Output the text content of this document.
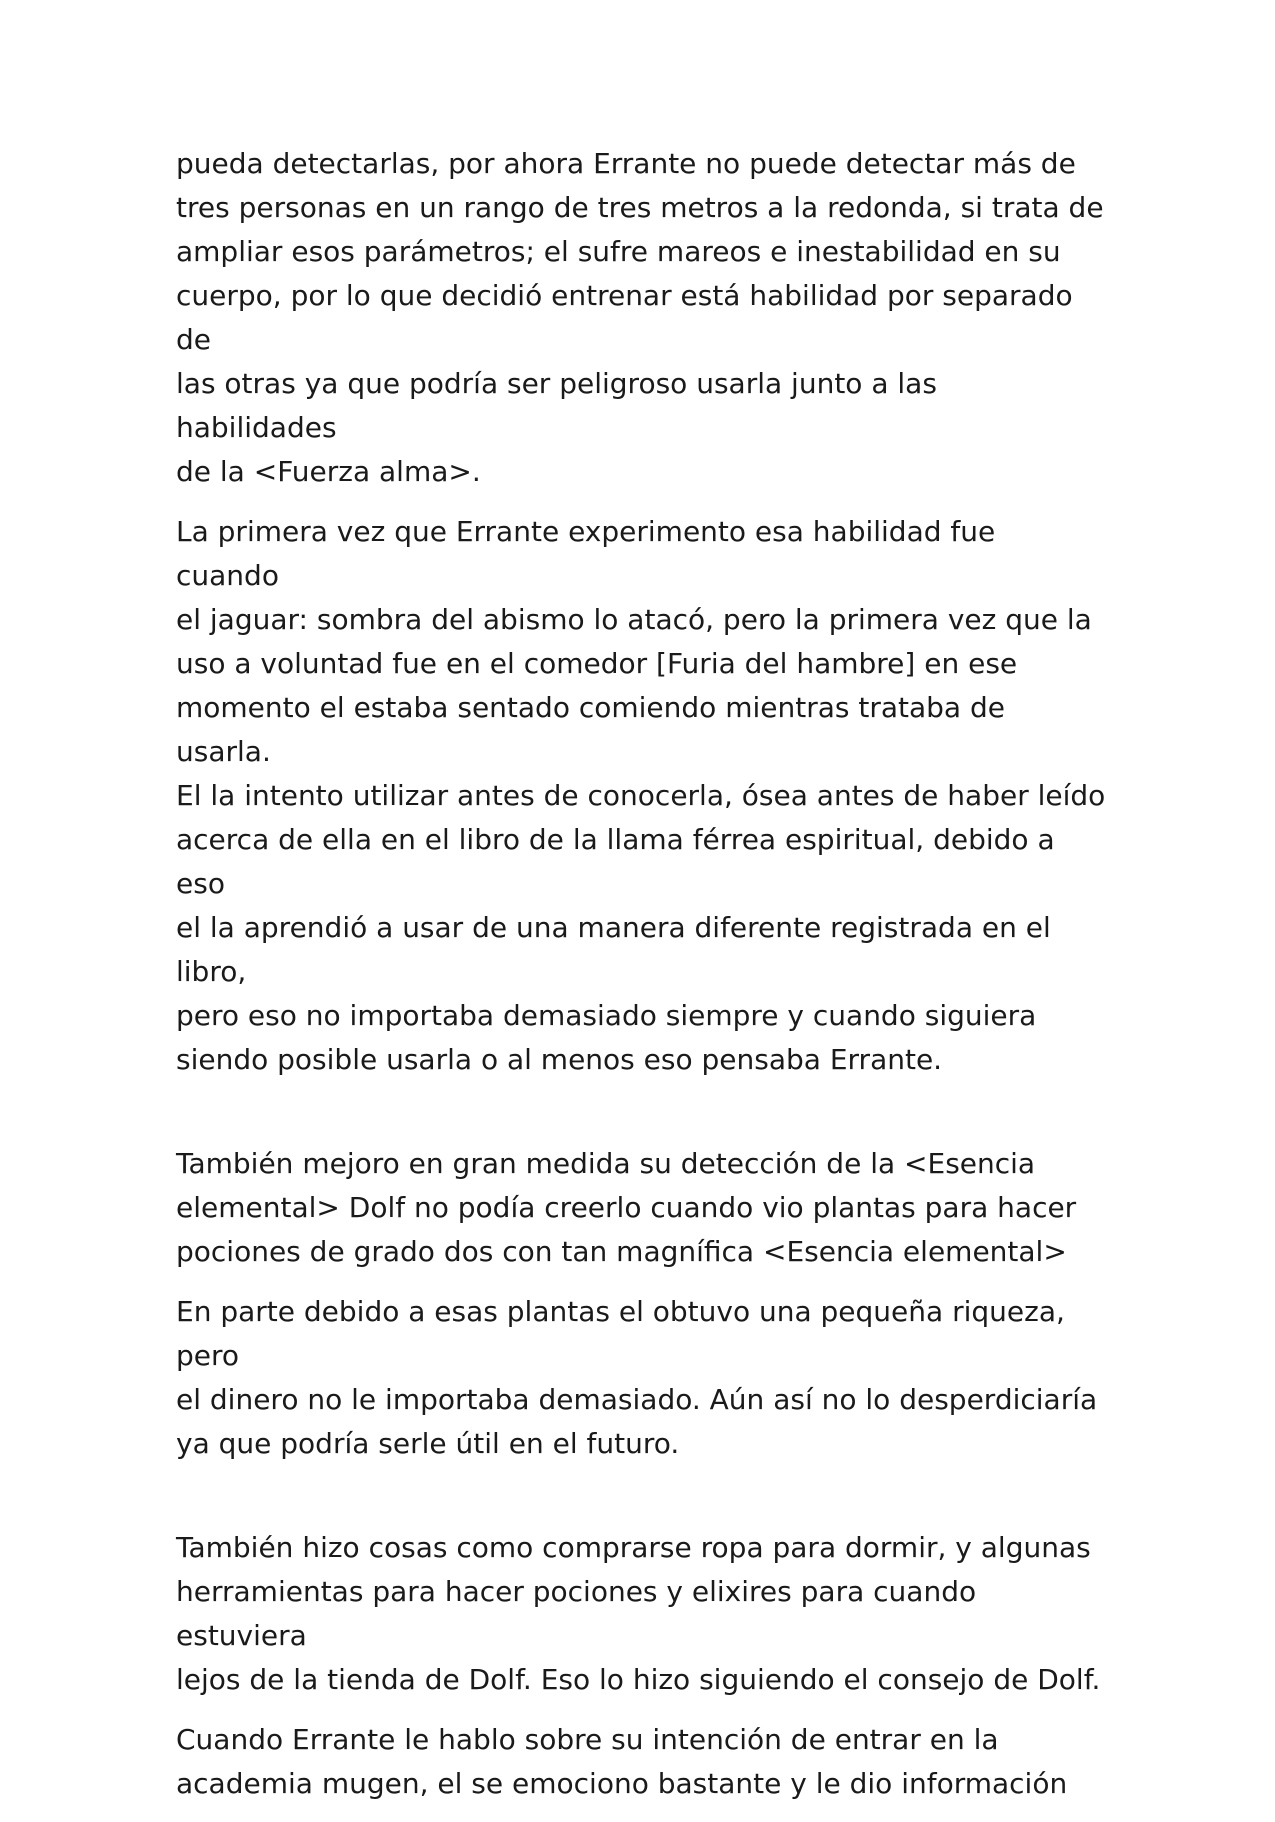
pueda detectarlas, por ahora Errante no puede detectar más de
tres personas en un rango de tres metros a la redonda, si trata de
ampliar esos parámetros; el sufre mareos e inestabilidad en su
cuerpo, por lo que decidió entrenar está habilidad por separado de
las otras ya que podría ser peligroso usarla junto a las habilidades
de la <Fuerza alma>.

La primera vez que Errante experimento esa habilidad fue cuando
el jaguar: sombra del abismo lo atacó, pero la primera vez que la
uso a voluntad fue en el comedor [Furia del hambre] en ese
momento el estaba sentado comiendo mientras trataba de usarla.
El la intento utilizar antes de conocerla, ósea antes de haber leído
acerca de ella en el libro de la llama férrea espiritual, debido a eso
el la aprendió a usar de una manera diferente registrada en el libro,
pero eso no importaba demasiado siempre y cuando siguiera
siendo posible usarla o al menos eso pensaba Errante.

También mejoro en gran medida su detección de la <Esencia
elemental> Dolf no podía creerlo cuando vio plantas para hacer
pociones de grado dos con tan magnífica <Esencia elemental>

En parte debido a esas plantas el obtuvo una pequeña riqueza, pero
el dinero no le importaba demasiado. Aún así no lo desperdiciaría
ya que podría serle útil en el futuro.

También hizo cosas como comprarse ropa para dormir, y algunas
herramientas para hacer pociones y elixires para cuando estuviera
lejos de la tienda de Dolf. Eso lo hizo siguiendo el consejo de Dolf.

Cuando Errante le hablo sobre su intención de entrar en la
academia mugen, el se emociono bastante y le dio información
